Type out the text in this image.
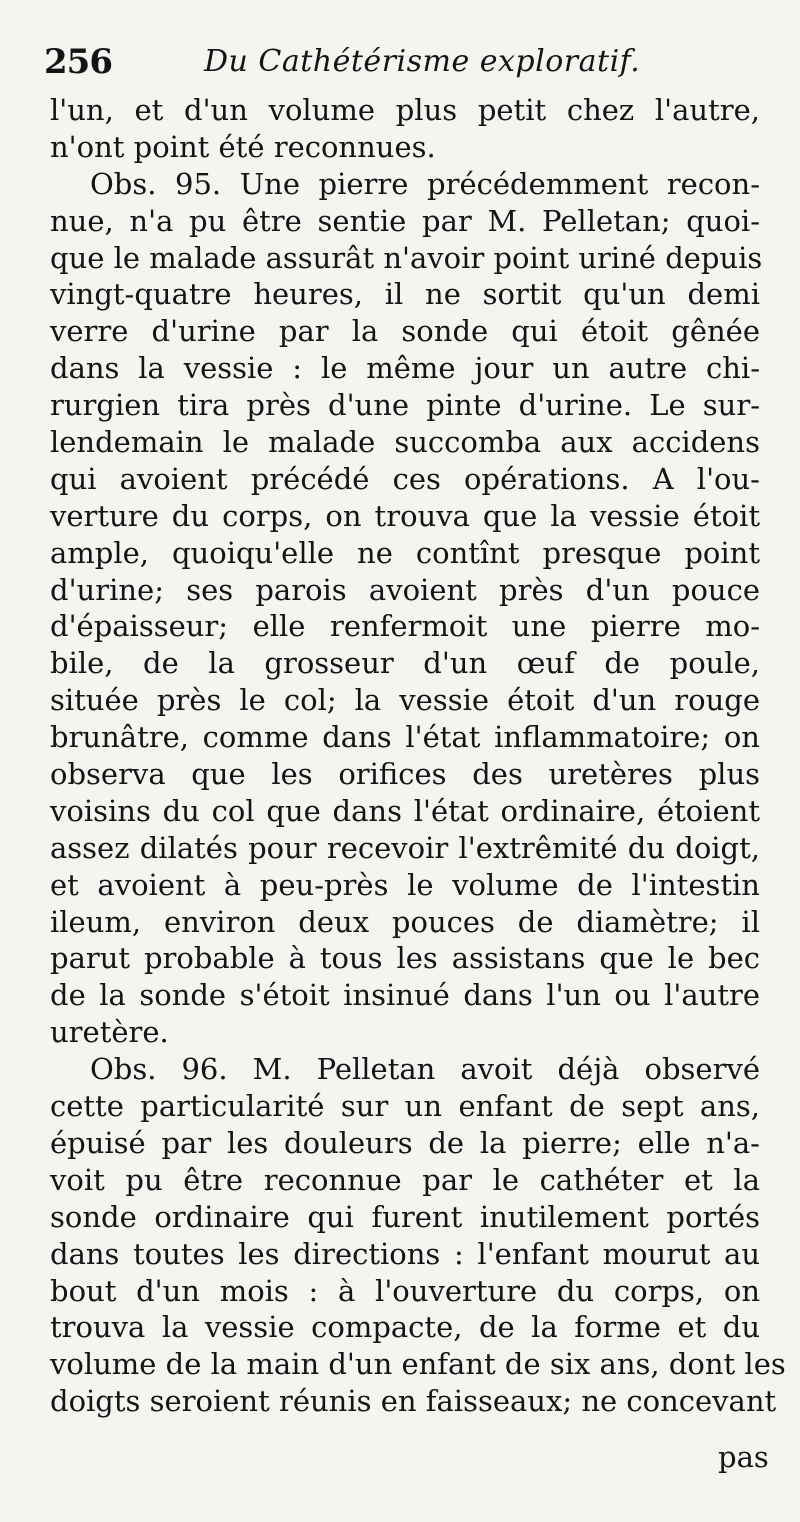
256	Du Cathétérisme exploratif.
l'un, et d'un volume plus petit chez l'autre,
n'ont point été reconnues.
Obs. 95. Une pierre précédemment recon-
nue, n'a pu être sentie par M. Pelletan; quoi-
que le malade assurât n'avoir point uriné depuis
vingt-quatre heures, il ne sortit qu'un demi
verre d'urine par la sonde qui étoit gênée
dans la vessie : le même jour un autre chi-
rurgien tira près d'une pinte d'urine. Le sur-
lendemain le malade succomba aux accidens
qui avoient précédé ces opérations. A l'ou-
verture du corps, on trouva que la vessie étoit
ample, quoiqu'elle ne contînt presque point
d'urine; ses parois avoient près d'un pouce
d'épaisseur; elle renfermoit une pierre mo-
bile, de la grosseur d'un œuf de poule,
située près le col; la vessie étoit d'un rouge
brunâtre, comme dans l'état inflammatoire; on
observa que les orifices des uretères plus
voisins du col que dans l'état ordinaire, étoient
assez dilatés pour recevoir l'extrêmité du doigt,
et avoient à peu-près le volume de l'intestin
ileum, environ deux pouces de diamètre; il
parut probable à tous les assistans que le bec
de la sonde s'étoit insinué dans l'un ou l'autre
uretère.
Obs. 96. M. Pelletan avoit déjà observé
cette particularité sur un enfant de sept ans,
épuisé par les douleurs de la pierre; elle n'a-
voit pu être reconnue par le cathéter et la
sonde ordinaire qui furent inutilement portés
dans toutes les directions : l'enfant mourut au
bout d'un mois : à l'ouverture du corps, on
trouva la vessie compacte, de la forme et du
volume de la main d'un enfant de six ans, dont les
doigts seroient réunis en faisseaux; ne concevant
pas
